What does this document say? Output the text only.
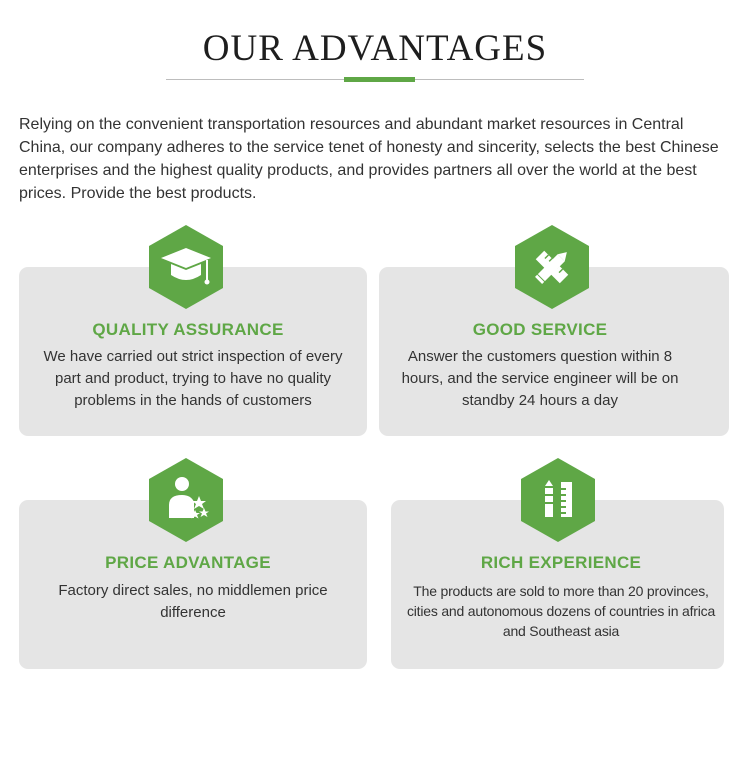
OUR ADVANTAGES

Relying on the convenient transportation resources and abundant market resources in Central China, our company adheres to the service tenet of honesty and sincerity, selects the best Chinese enterprises and the highest quality products, and provides partners all over the world at the best prices. Provide the best products.

QUALITY ASSURANCE
We have carried out strict inspection of every part and product, trying to have no quality problems in the hands of customers
GOOD SERVICE
Answer the customers question within 8 hours, and the service engineer will be on standby 24 hours a day
PRICE ADVANTAGE
Factory direct sales, no middlemen price difference
RICH EXPERIENCE
The products are sold to more than 20 provinces, cities and autonomous dozens of countries in africa and Southeast asia
